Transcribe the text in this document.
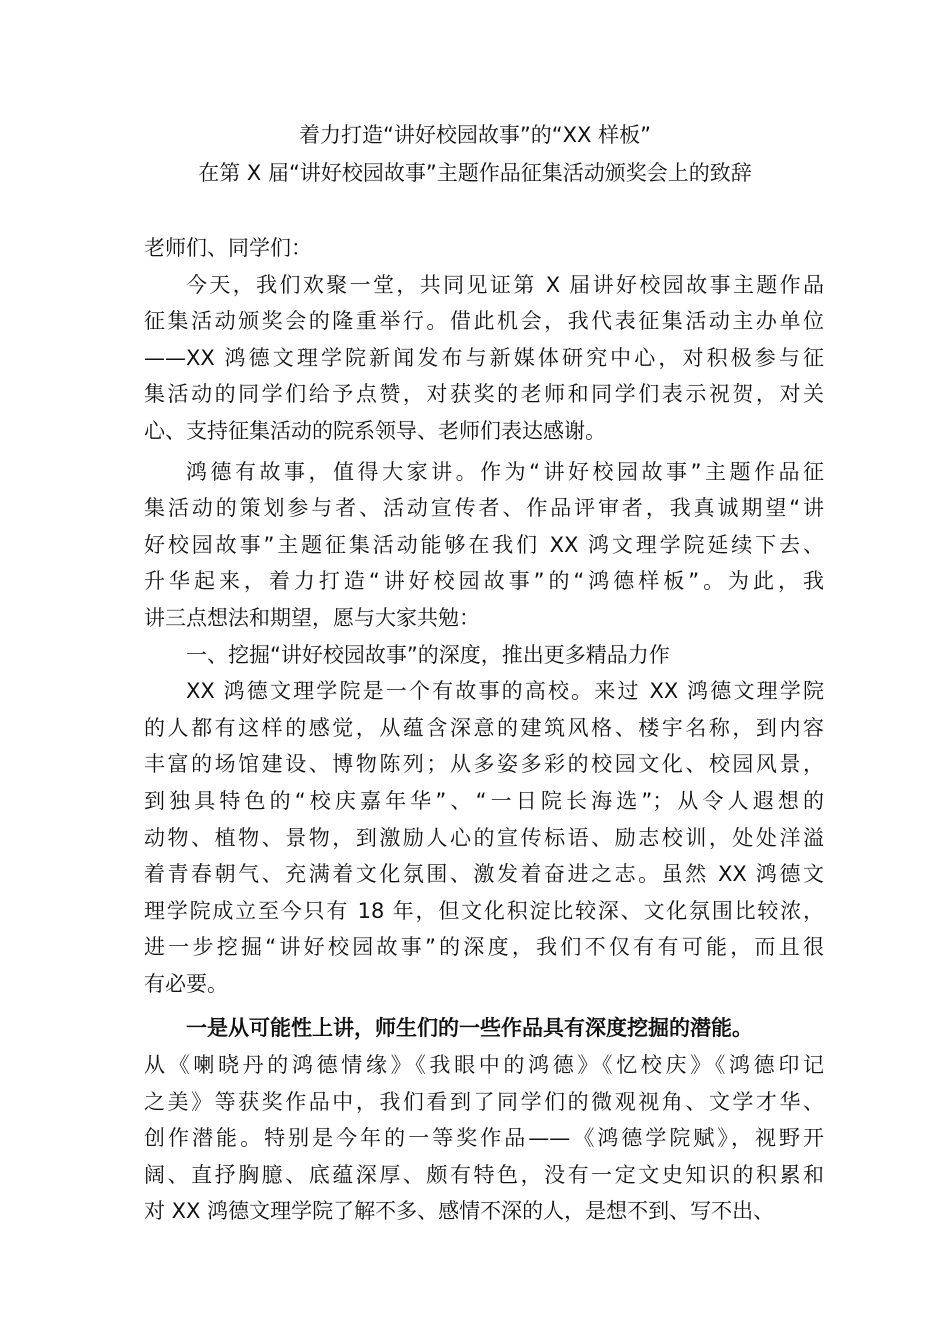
着力打造“讲好校园故事”的“XX 样板”
在第 X 届“讲好校园故事”主题作品征集活动颁奖会上的致辞
老师们、同学们：
今天，我们欢聚一堂，共同见证第 X 届讲好校园故事主题作品
征集活动颁奖会的隆重举行。借此机会，我代表征集活动主办单位
——XX 鸿德文理学院新闻发布与新媒体研究中心，对积极参与征
集活动的同学们给予点赞，对获奖的老师和同学们表示祝贺，对关
心、支持征集活动的院系领导、老师们表达感谢。
鸿德有故事，值得大家讲。作为“讲好校园故事”主题作品征
集活动的策划参与者、活动宣传者、作品评审者，我真诚期望“讲
好校园故事”主题征集活动能够在我们 XX 鸿文理学院延续下去、
升华起来，着力打造“讲好校园故事”的“鸿德样板”。为此，我
讲三点想法和期望，愿与大家共勉：
一、挖掘“讲好校园故事”的深度，推出更多精品力作
XX 鸿德文理学院是一个有故事的高校。来过 XX 鸿德文理学院
的人都有这样的感觉，从蕴含深意的建筑风格、楼宇名称，到内容
丰富的场馆建设、博物陈列；从多姿多彩的校园文化、校园风景，
到独具特色的“校庆嘉年华”、“一日院长海选”；从令人遐想的
动物、植物、景物，到激励人心的宣传标语、励志校训，处处洋溢
着青春朝气、充满着文化氛围、激发着奋进之志。虽然 XX 鸿德文
理学院成立至今只有 18 年，但文化积淀比较深、文化氛围比较浓，
进一步挖掘“讲好校园故事”的深度，我们不仅有有可能，而且很
有必要。
一是从可能性上讲，师生们的一些作品具有深度挖掘的潜能。
从《喇晓丹的鸿德情缘》《我眼中的鸿德》《忆校庆》《鸿德印记
之美》等获奖作品中，我们看到了同学们的微观视角、文学才华、
创作潜能。特别是今年的一等奖作品——《鸿德学院赋》，视野开
阔、直抒胸臆、底蕴深厚、颇有特色，没有一定文史知识的积累和
对 XX 鸿德文理学院了解不多、感情不深的人，是想不到、写不出、
